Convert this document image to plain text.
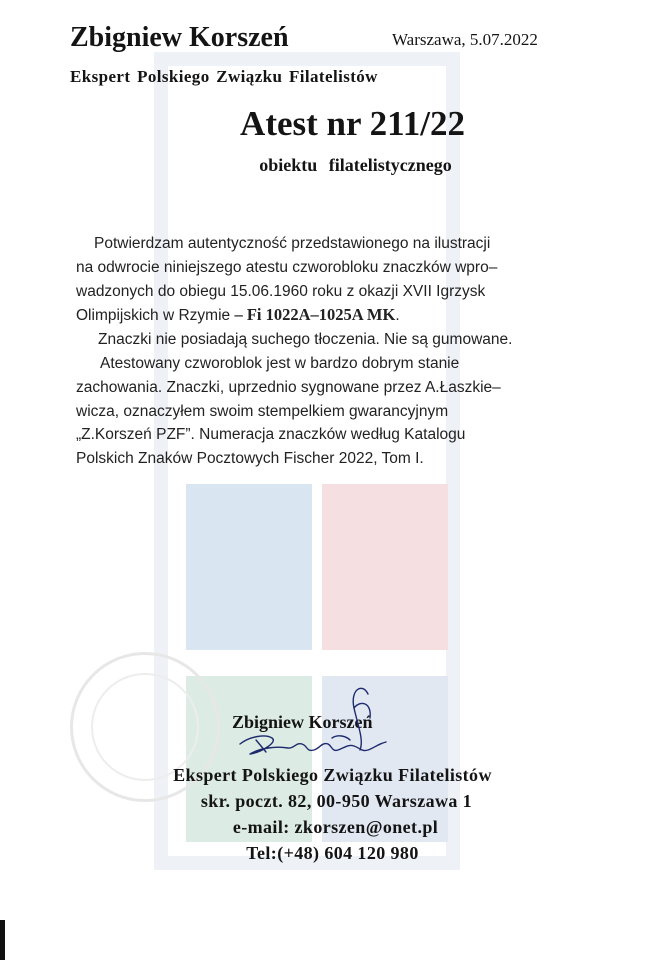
Zbigniew Korszeń	Warszawa, 5.07.2022
Ekspert Polskiego Związku Filatelistów
Atest nr 211/22
obiektu filatelistycznego
Potwierdzam autentyczność przedstawionego na ilustracji
na odwrocie niniejszego atestu czworobloku znaczków wpro–
wadzonych do obiegu 15.06.1960 roku z okazji XVII Igrzysk
Olimpijskich w Rzymie – Fi 1022A–1025A MK.
Znaczki nie posiadają suchego tłoczenia. Nie są gumowane.
Atestowany czworoblok jest w bardzo dobrym stanie
zachowania. Znaczki, uprzednio sygnowane przez A.Łaszkie–
wicza, oznaczyłem swoim stempelkiem gwarancyjnym
„Z.Korszeń PZF”. Numeracja znaczków według Katalogu
Polskich Znaków Pocztowych Fischer 2022, Tom I.
Zbigniew Korszeń
Ekspert Polskiego Związku Filatelistów
skr. poczt. 82, 00-950 Warszawa 1
e-mail: zkorszen@onet.pl
Tel:(+48) 604 120 980
